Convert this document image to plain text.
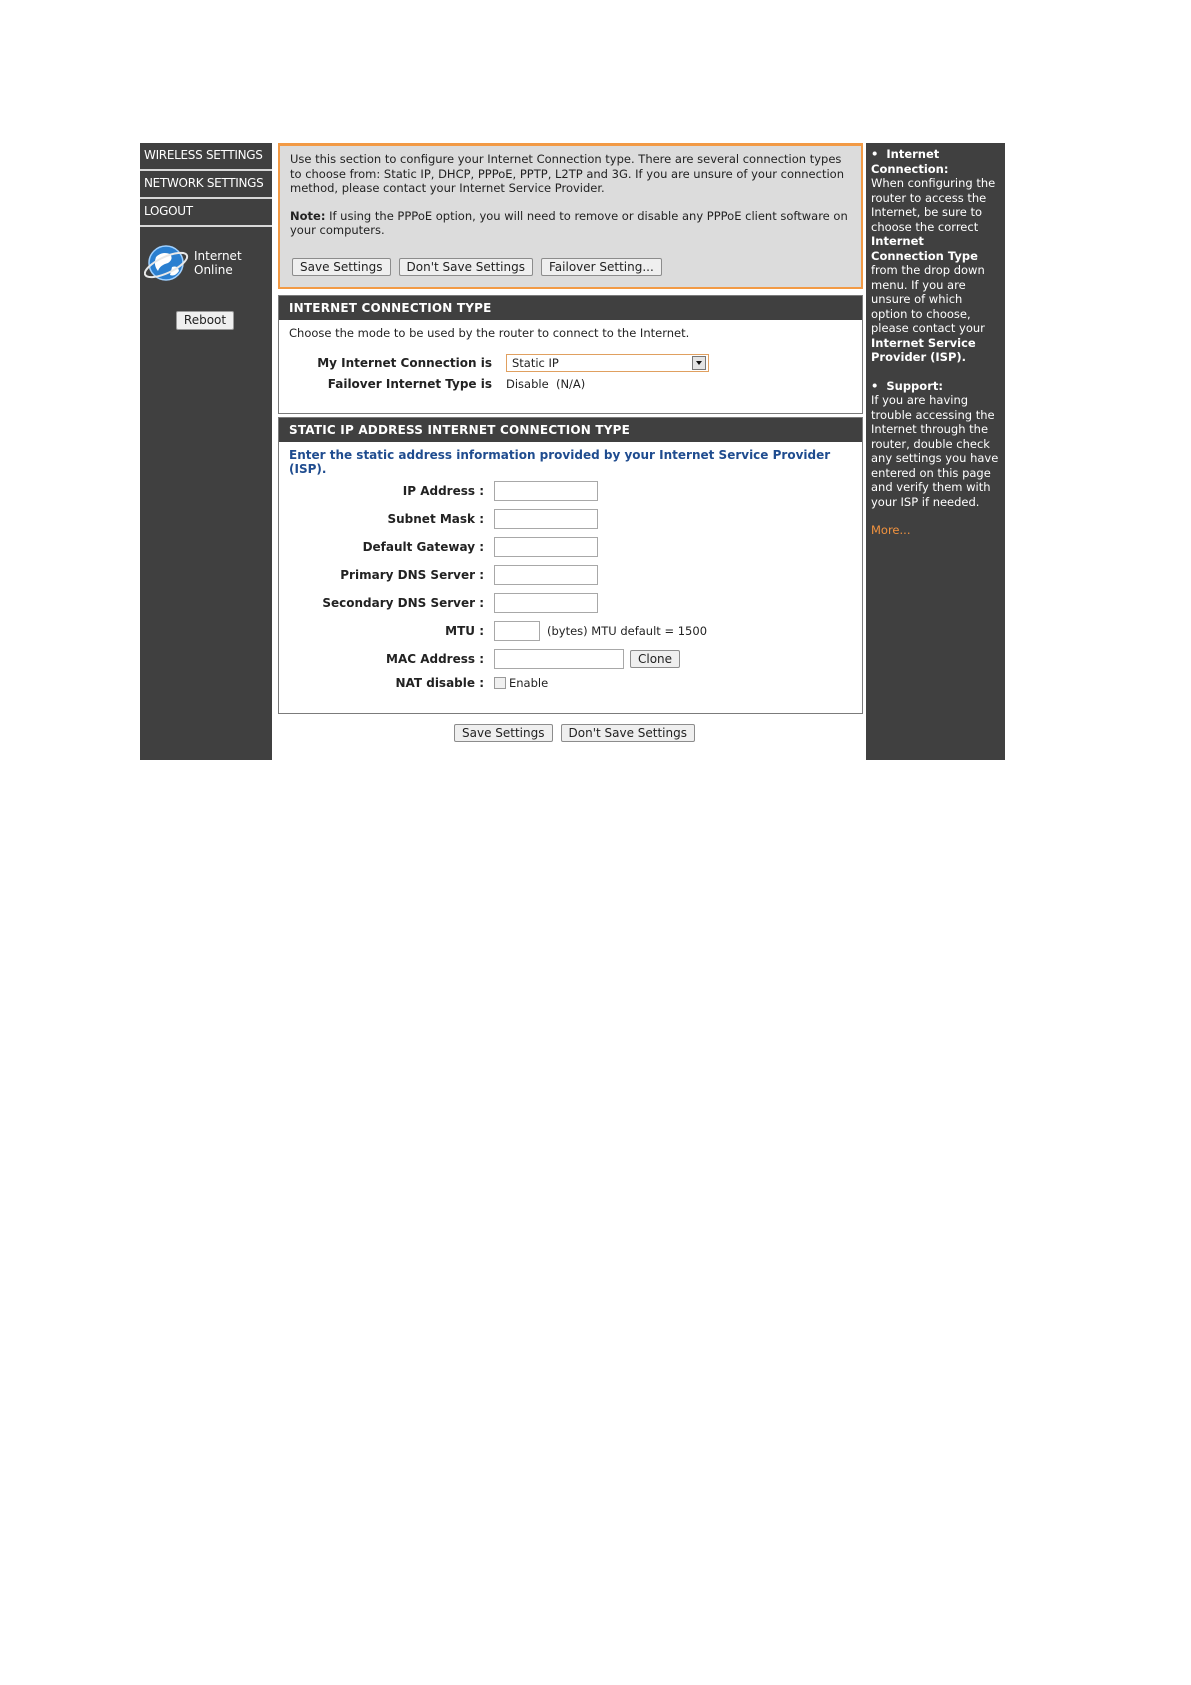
WIRELESS SETTINGS
NETWORK SETTINGS
LOGOUT
Internet
Online
Reboot

Use this section to configure your Internet Connection type. There are several connection types to choose from: Static IP, DHCP, PPPoE, PPTP, L2TP and 3G. If you are unsure of your connection method, please contact your Internet Service Provider.

Note: If using the PPPoE option, you will need to remove or disable any PPPoE client software on your computers.

Save Settings	Don't Save Settings	Failover Setting...
INTERNET CONNECTION TYPE
Choose the mode to be used by the router to connect to the Internet.
My Internet Connection is	Static IP
Failover Internet Type is Disable  (N/A)
STATIC IP ADDRESS INTERNET CONNECTION TYPE
Enter the static address information provided by your Internet Service Provider (ISP).
IP Address :
Subnet Mask :
Default Gateway :
Primary DNS Server :
Secondary DNS Server :
MTU :	(bytes) MTU default = 1500
MAC Address :	Clone
NAT disable : Enable
Save Settings	Don't Save Settings
•  Internet Connection:
When configuring the router to access the Internet, be sure to choose the correct Internet Connection Type from the drop down menu. If you are unsure of which option to choose, please contact your Internet Service Provider (ISP).
•  Support:
If you are having trouble accessing the Internet through the router, double check any settings you have entered on this page and verify them with your ISP if needed.
More...
